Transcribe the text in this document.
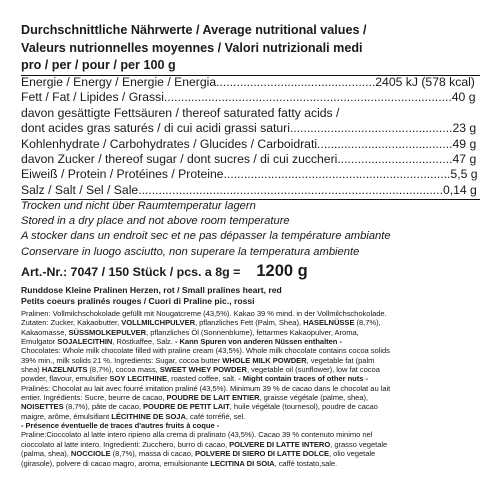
Durchschnittliche Nährwerte / Average nutritional values /
Valeurs nutrionnelles moyennes / Valori nutrizionali medi
pro / per / pour / per 100 g
Energie / Energy / Energie / Energia...............................................2405 kJ (578 kcal)
Fett / Fat / Lipides / Grassi.....................................................................................40 g
davon gesättigte Fettsäuren / thereof saturated fatty acids /
dont acides gras saturés / di cui acidi grassi saturi................................................23 g
Kohlenhydrate / Carbohydrates / Glucides / Carboidrati........................................49 g
davon Zucker / thereof sugar / dont sucres / di cui zuccheri..................................47 g
Eiweiß / Protein / Protéines / Proteine...................................................................5,5 g
Salz / Salt / Sel / Sale..........................................................................................0,14 g
Trocken und nicht über Raumtemperatur lagern
Stored in a dry place and not above room temperature
A stocker dans un endroit sec et ne pas dépasser la température ambiante
Conservare in luogo asciutto, non superare la temperatura ambiente
Art.-Nr.: 7047 / 150 Stück / pcs. a 8g = 1200 g
Runddose Kleine Pralinen Herzen, rot / Small pralines heart, red
Petits coeurs pralinés rouges / Cuori di Praline pic., rossi
Pralinen: Vollmilchschokolade gefüllt mit Nougatcreme (43,5%). Kakao 39 % mind. in der Vollmilchschokolade.
Zutaten: Zucker, Kakaobutter, VOLLMILCHPULVER, pflanzliches Fett (Palm, Shea), HASELNÜSSE (8,7%),
Kakaomasse, SÜSSMOLKEPULVER, pflanzliches Öl (Sonnenblume), fettarmes Kakaopulver, Aroma,
Emulgator SOJALECITHIN, Röstkaffee, Salz. - Kann Spuren von anderen Nüssen enthalten -
Chocolates: Whole milk chocolate filled with praline cream (43,5%). Whole milk chocolate contains cocoa solids
39% min., milk solids 21 %. Ingredients: Sugar, cocoa butter WHOLE MILK POWDER, vegetable fat (palm
shea) HAZELNUTS (8,7%), cocoa mass, SWEET WHEY POWDER, vegetable oil (sunflower), low fat cocoa
powder, flavour, emulsifier SOY LECITHINE, roasted coffee, salt. - Might contain traces of other nuts -
Pralinés: Chocolat au lait avec fourré imitation praliné (43,5%). Minimum 39 % de cacao dans le chocolat au lait
entier. Ingrédients: Sucre, beurre de cacao, POUDRE DE LAIT ENTIER, graisse végétale (palme, shea),
NOISETTES (8,7%), pâte de cacao, POUDRE DE PETIT LAIT, huile végétale (tournesol), poudre de cacao
maigre, arôme, émulsifiant LÉCITHINE DE SOJA, café torréfié, sel.
- Présence éventuelle de traces d'autres fruits à coque -
Praline:Cioccolato al latte intero ripieno alla crema di pralinato (43,5%). Cacao 39 % contenuto minimo nel
cioccolato al latte intero. Ingredienti: Zucchero, burro di cacao, POLVERE DI LATTE INTERO, grasso vegetale
(palma, shea), NOCCIOLE (8,7%), massa di cacao, POLVERE DI SIERO DI LATTE DOLCE, olio vegetale
(girasole), polvere di cacao magro, aroma, emulsionante LECITINA DI SOIA, caffè tostato,sale.
